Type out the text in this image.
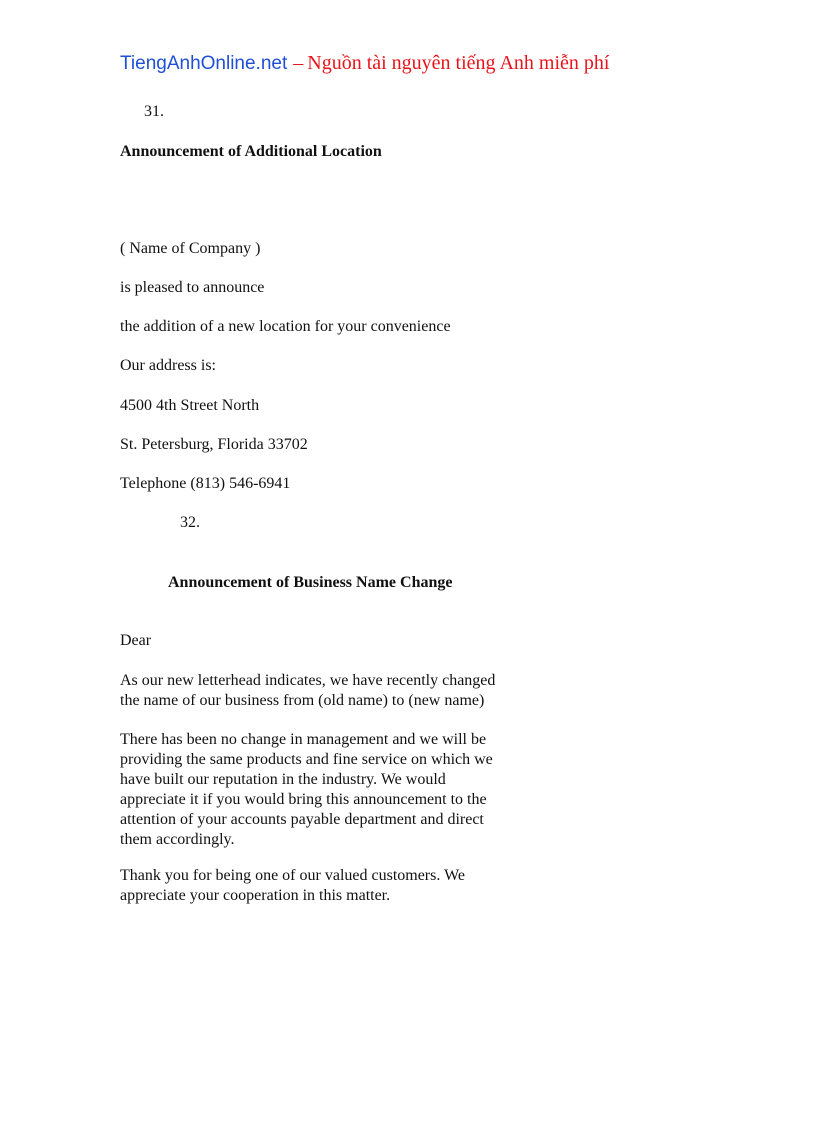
TiengAnhOnline.net – Nguồn tài nguyên tiếng Anh miễn phí

31.

Announcement of Additional Location

( Name of Company )

is pleased to announce

the addition of a new location for your convenience

Our address is:

4500 4th Street North

St. Petersburg, Florida 33702

Telephone (813) 546-6941

32.

Announcement of Business Name Change

Dear

As our new letterhead indicates, we have recently changed
the name of our business from (old name) to (new name)

There has been no change in management and we will be
providing the same products and fine service on which we
have built our reputation in the industry. We would
appreciate it if you would bring this announcement to the
attention of your accounts payable department and direct
them accordingly.

Thank you for being one of our valued customers. We
appreciate your cooperation in this matter.
